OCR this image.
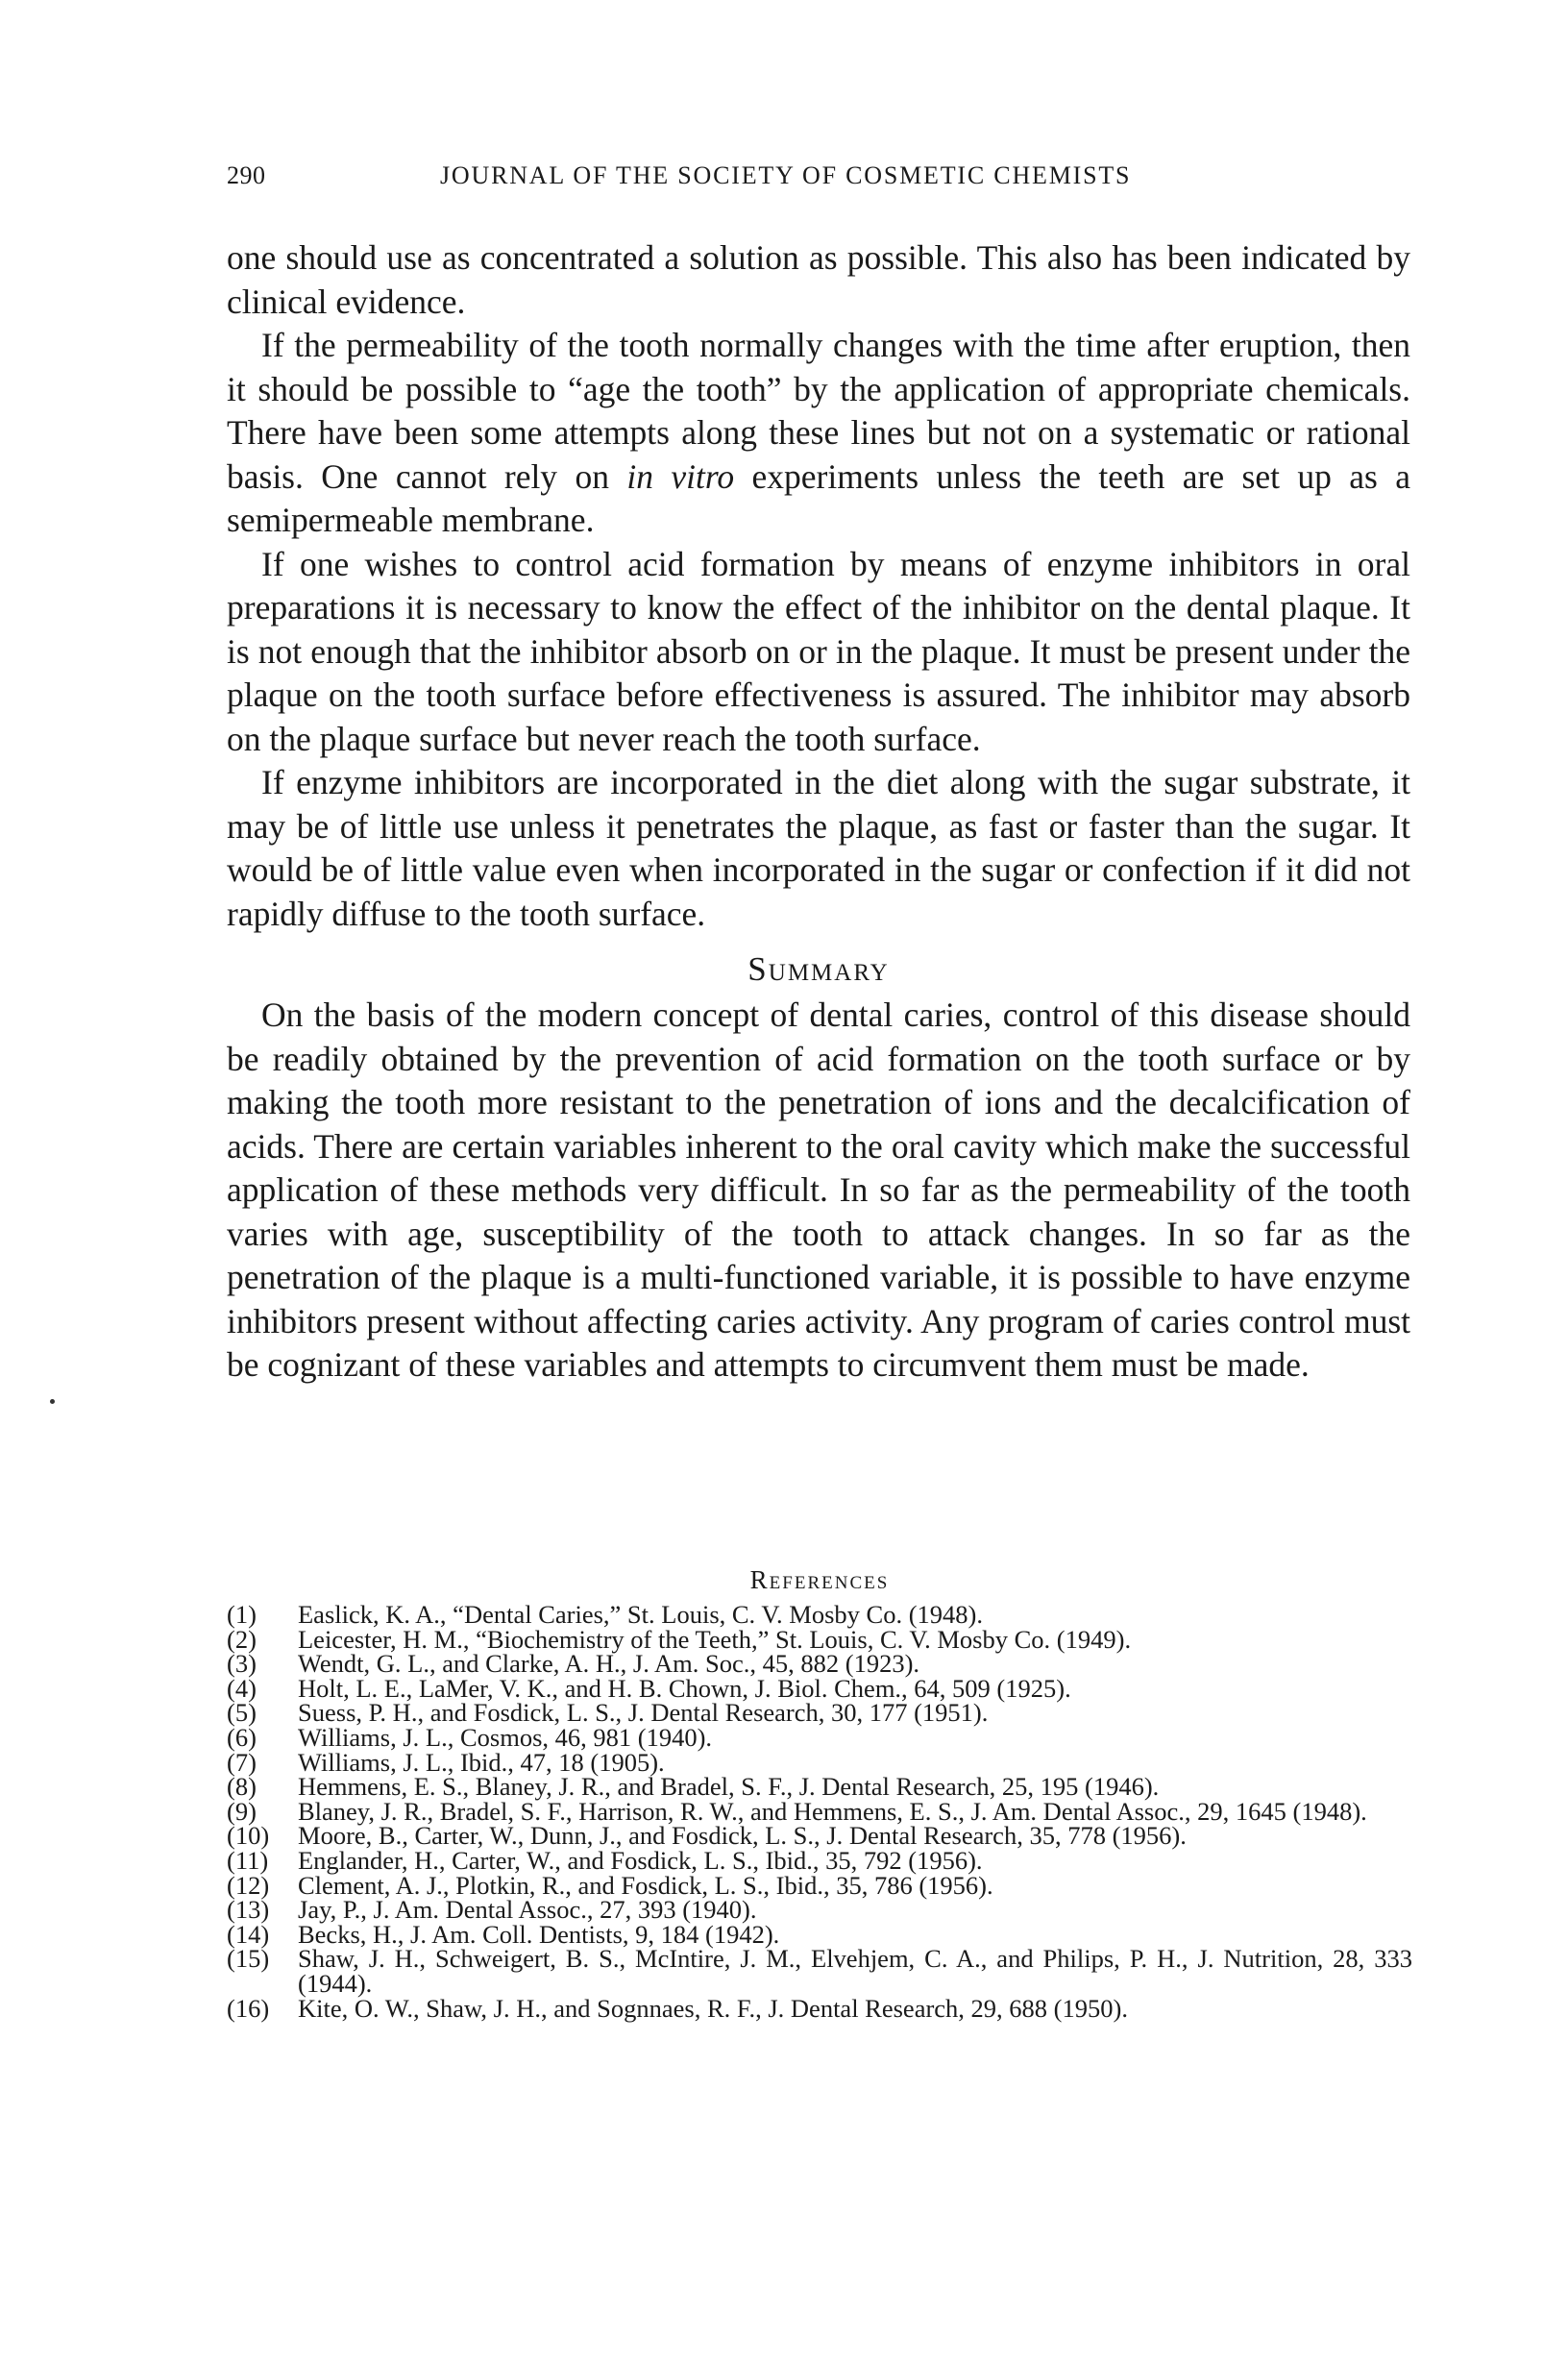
290	JOURNAL OF THE SOCIETY OF COSMETIC CHEMISTS

one should use as concentrated a solution as possible. This also has been indicated by clinical evidence.

If the permeability of the tooth normally changes with the time after eruption, then it should be possible to “age the tooth” by the application of appropriate chemicals. There have been some attempts along these lines but not on a systematic or rational basis. One cannot rely on in vitro experiments unless the teeth are set up as a semipermeable membrane.

If one wishes to control acid formation by means of enzyme inhibitors in oral preparations it is necessary to know the effect of the inhibitor on the dental plaque. It is not enough that the inhibitor absorb on or in the plaque. It must be present under the plaque on the tooth surface before effectiveness is assured. The inhibitor may absorb on the plaque surface but never reach the tooth surface.

If enzyme inhibitors are incorporated in the diet along with the sugar substrate, it may be of little use unless it penetrates the plaque, as fast or faster than the sugar. It would be of little value even when incorporated in the sugar or confection if it did not rapidly diffuse to the tooth surface.

Summary

On the basis of the modern concept of dental caries, control of this disease should be readily obtained by the prevention of acid formation on the tooth surface or by making the tooth more resistant to the penetration of ions and the decalcification of acids. There are certain variables inherent to the oral cavity which make the successful application of these methods very difficult. In so far as the permeability of the tooth varies with age, susceptibility of the tooth to attack changes. In so far as the penetration of the plaque is a multi-functioned variable, it is possible to have enzyme inhibitors present without affecting caries activity. Any program of caries control must be cognizant of these variables and attempts to circumvent them must be made.

References
(1) Easlick, K. A., “Dental Caries,” St. Louis, C. V. Mosby Co. (1948).
(2) Leicester, H. M., “Biochemistry of the Teeth,” St. Louis, C. V. Mosby Co. (1949).
(3) Wendt, G. L., and Clarke, A. H., J. Am. Soc., 45, 882 (1923).
(4) Holt, L. E., LaMer, V. K., and H. B. Chown, J. Biol. Chem., 64, 509 (1925).
(5) Suess, P. H., and Fosdick, L. S., J. Dental Research, 30, 177 (1951).
(6) Williams, J. L., Cosmos, 46, 981 (1940).
(7) Williams, J. L., Ibid., 47, 18 (1905).
(8) Hemmens, E. S., Blaney, J. R., and Bradel, S. F., J. Dental Research, 25, 195 (1946).
(9) Blaney, J. R., Bradel, S. F., Harrison, R. W., and Hemmens, E. S., J. Am. Dental Assoc., 29, 1645 (1948).
(10) Moore, B., Carter, W., Dunn, J., and Fosdick, L. S., J. Dental Research, 35, 778 (1956).
(11) Englander, H., Carter, W., and Fosdick, L. S., Ibid., 35, 792 (1956).
(12) Clement, A. J., Plotkin, R., and Fosdick, L. S., Ibid., 35, 786 (1956).
(13) Jay, P., J. Am. Dental Assoc., 27, 393 (1940).
(14) Becks, H., J. Am. Coll. Dentists, 9, 184 (1942).
(15) Shaw, J. H., Schweigert, B. S., McIntire, J. M., Elvehjem, C. A., and Philips, P. H., J. Nutrition, 28, 333 (1944).
(16) Kite, O. W., Shaw, J. H., and Sognnaes, R. F., J. Dental Research, 29, 688 (1950).
